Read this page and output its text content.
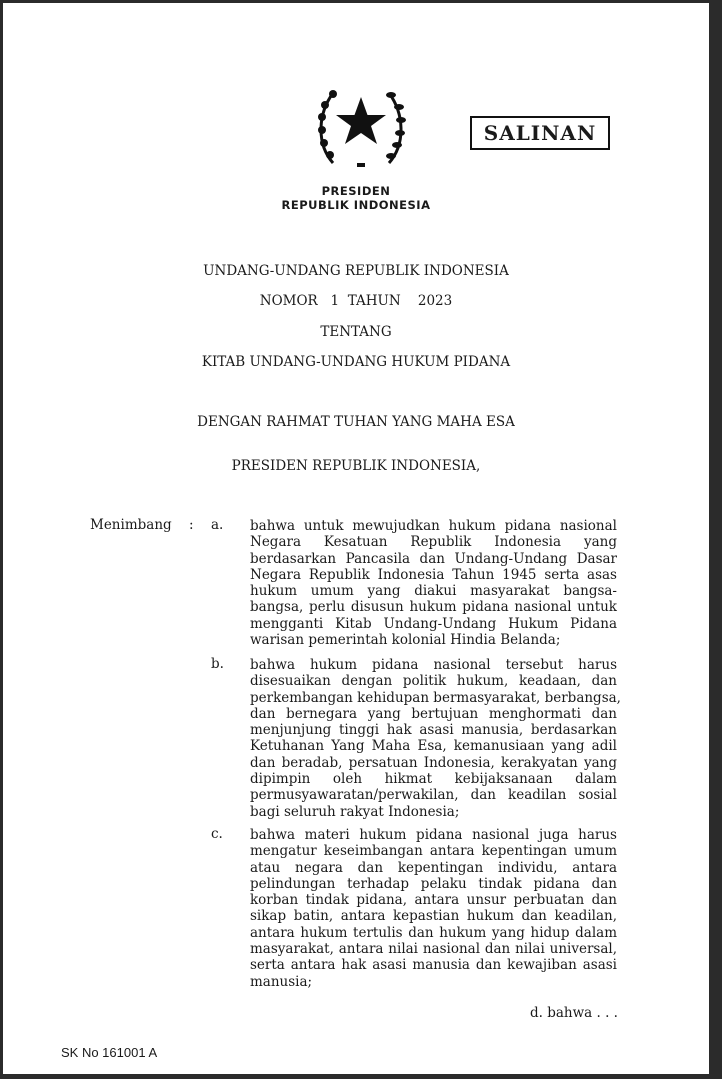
SALINAN
PRESIDEN
REPUBLIK INDONESIA
UNDANG-UNDANG REPUBLIK INDONESIA
NOMOR   1  TAHUN    2023
TENTANG
KITAB UNDANG-UNDANG HUKUM PIDANA
DENGAN RAHMAT TUHAN YANG MAHA ESA
PRESIDEN REPUBLIK INDONESIA,
Menimbang : a. bahwa untuk mewujudkan hukum pidana nasional
Negara Kesatuan Republik Indonesia yang
berdasarkan Pancasila dan Undang-Undang Dasar
Negara Republik Indonesia Tahun 1945 serta asas
hukum umum yang diakui masyarakat bangsa-
bangsa, perlu disusun hukum pidana nasional untuk
mengganti Kitab Undang-Undang Hukum Pidana
warisan pemerintah kolonial Hindia Belanda;
b. bahwa hukum pidana nasional tersebut harus
disesuaikan dengan politik hukum, keadaan, dan
perkembangan kehidupan bermasyarakat, berbangsa,
dan bernegara yang bertujuan menghormati dan
menjunjung tinggi hak asasi manusia, berdasarkan
Ketuhanan Yang Maha Esa, kemanusiaan yang adil
dan beradab, persatuan Indonesia, kerakyatan yang
dipimpin oleh hikmat kebijaksanaan dalam
permusyawaratan/perwakilan, dan keadilan sosial
bagi seluruh rakyat Indonesia;
c. bahwa materi hukum pidana nasional juga harus
mengatur keseimbangan antara kepentingan umum
atau negara dan kepentingan individu, antara
pelindungan terhadap pelaku tindak pidana dan
korban tindak pidana, antara unsur perbuatan dan
sikap batin, antara kepastian hukum dan keadilan,
antara hukum tertulis dan hukum yang hidup dalam
masyarakat, antara nilai nasional dan nilai universal,
serta antara hak asasi manusia dan kewajiban asasi
manusia;
d. bahwa . . .
SK No 161001 A
